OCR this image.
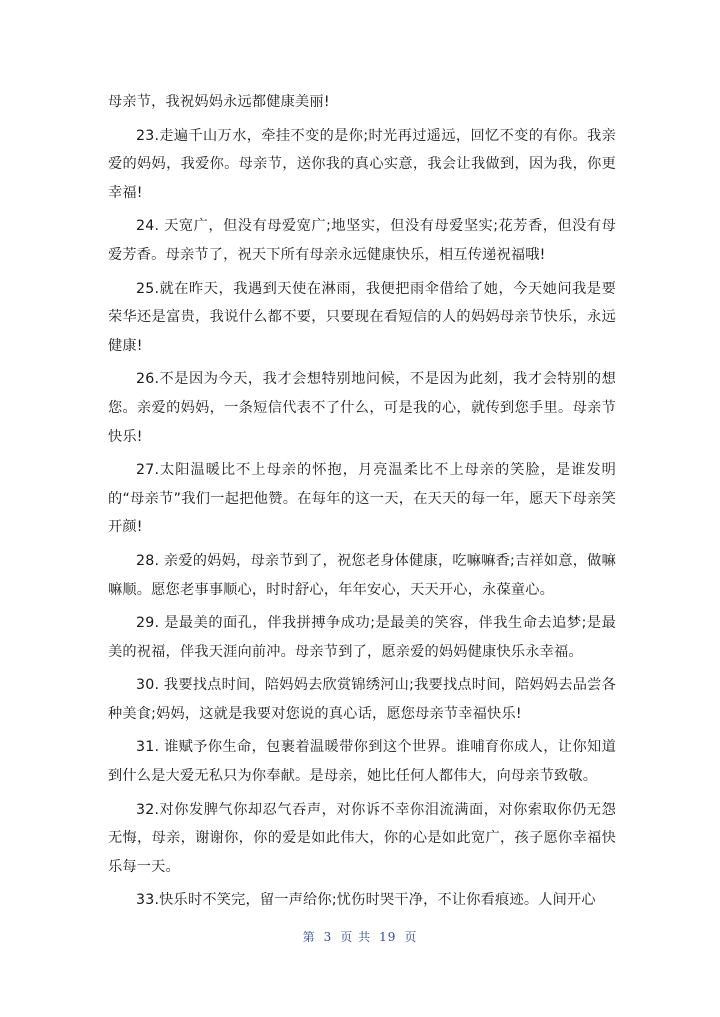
母亲节，我祝妈妈永远都健康美丽!

23.走遍千山万水，牵挂不变的是你;时光再过遥远，回忆不变的有你。我亲爱的妈妈，我爱你。母亲节，送你我的真心实意，我会让我做到，因为我，你更幸福!

24. 天宽广，但没有母爱宽广;地坚实，但没有母爱坚实;花芳香，但没有母爱芳香。母亲节了，祝天下所有母亲永远健康快乐，相互传递祝福哦!

25.就在昨天，我遇到天使在淋雨，我便把雨伞借给了她，今天她问我是要荣华还是富贵，我说什么都不要，只要现在看短信的人的妈妈母亲节快乐，永远健康!

26.不是因为今天，我才会想特别地问候，不是因为此刻，我才会特别的想您。亲爱的妈妈，一条短信代表不了什么，可是我的心，就传到您手里。母亲节快乐!

27.太阳温暖比不上母亲的怀抱，月亮温柔比不上母亲的笑脸，是谁发明的“母亲节”我们一起把他赞。在每年的这一天，在天天的每一年，愿天下母亲笑开颜!

28. 亲爱的妈妈，母亲节到了，祝您老身体健康，吃嘛嘛香;吉祥如意，做嘛嘛顺。愿您老事事顺心，时时舒心，年年安心，天天开心，永葆童心。

29. 是最美的面孔，伴我拼搏争成功;是最美的笑容，伴我生命去追梦;是最美的祝福，伴我天涯向前冲。母亲节到了，愿亲爱的妈妈健康快乐永幸福。

30. 我要找点时间，陪妈妈去欣赏锦绣河山;我要找点时间，陪妈妈去品尝各种美食;妈妈，这就是我要对您说的真心话，愿您母亲节幸福快乐!

31. 谁赋予你生命，包裹着温暖带你到这个世界。谁哺育你成人，让你知道到什么是大爱无私只为你奉献。是母亲，她比任何人都伟大，向母亲节致敬。

32.对你发脾气你却忍气吞声，对你诉不幸你泪流满面，对你索取你仍无怨无悔，母亲，谢谢你，你的爱是如此伟大，你的心是如此宽广，孩子愿你幸福快乐每一天。

33.快乐时不笑完，留一声给你;忧伤时哭干净，不让你看痕迹。人间开心

第 3 页 共 19 页
